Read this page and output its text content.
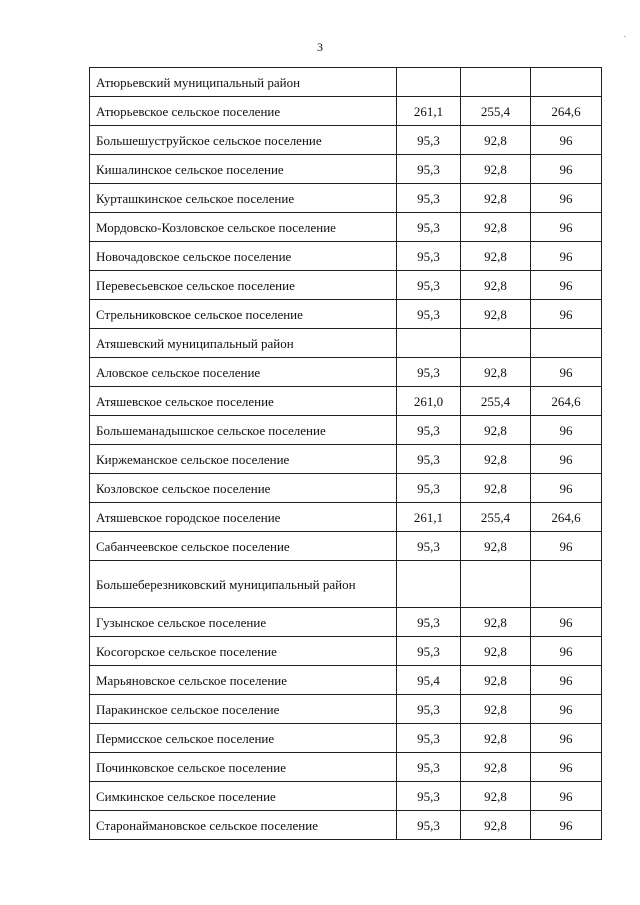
3
Атюрьевский муниципальный район			
Атюрьевское сельское поселение	261,1	255,4	264,6
Большешуструйское сельское поселение	95,3	92,8	96
Кишалинское сельское поселение	95,3	92,8	96
Курташкинское сельское поселение	95,3	92,8	96
Мордовско-Козловское сельское поселение	95,3	92,8	96
Новочадовское сельское поселение	95,3	92,8	96
Перевесьевское сельское поселение	95,3	92,8	96
Стрельниковское сельское поселение	95,3	92,8	96
Атяшевский муниципальный район			
Аловское сельское поселение	95,3	92,8	96
Атяшевское сельское поселение	261,0	255,4	264,6
Большеманадышское сельское поселение	95,3	92,8	96
Киржеманское сельское поселение	95,3	92,8	96
Козловское сельское поселение	95,3	92,8	96
Атяшевское городское поселение	261,1	255,4	264,6
Сабанчеевское сельское поселение	95,3	92,8	96
Большеберезниковский муниципальный район			
Гузынское сельское поселение	95,3	92,8	96
Косогорское сельское поселение	95,3	92,8	96
Марьяновское сельское поселение	95,4	92,8	96
Паракинское сельское поселение	95,3	92,8	96
Пермисское сельское поселение	95,3	92,8	96
Починковское сельское поселение	95,3	92,8	96
Симкинское сельское поселение	95,3	92,8	96
Старонаймановское сельское поселение	95,3	92,8	96
